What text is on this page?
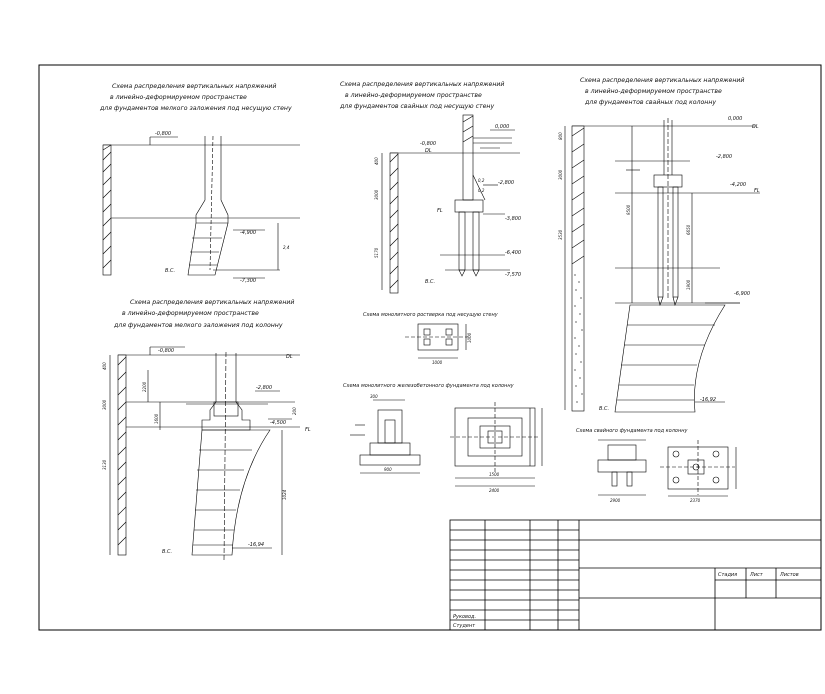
Схема распределения вертикальных напряжений
в линейно-деформируемом пространстве
для фундаментов мелкого заложения под несущую стену
-0,800
-4,900
-7,300
В.С.
2,4
Схема распределения вертикальных напряжений
в линейно-деформируемом пространстве
для фундаментов мелкого заложения под колонну
-0,800
-2,800
-4,500
-16,94
DL
FL
В.С.
400
2200
1600
3000
3130
200
1024
Схема распределения вертикальных напряжений
в линейно-деформируемом пространстве
для фундаментов свайных под несущую стену
0,000
-0,800
-2,800
-3,800
-6,400
-7,570
DL
FL
В.С.
400
3000
5170
0,2
0,2
Схема распределения вертикальных напряжений
в линейно-деформируемом пространстве
для фундаментов свайных под колонну
0,000
-2,800
-4,200
-6,900
-16,92
DL
FL
В.С.
800
3000
3530
9500
6650
1900
Схема монолитного ростверка под несущую стену
1000
1000
Схема монолитного железобетонного фундамента под колонну
900
300
1500
2400
Схема свайного фундамента под колонну
2900	2370
Стадия	Лист	Листов
Руковод.
Студент
